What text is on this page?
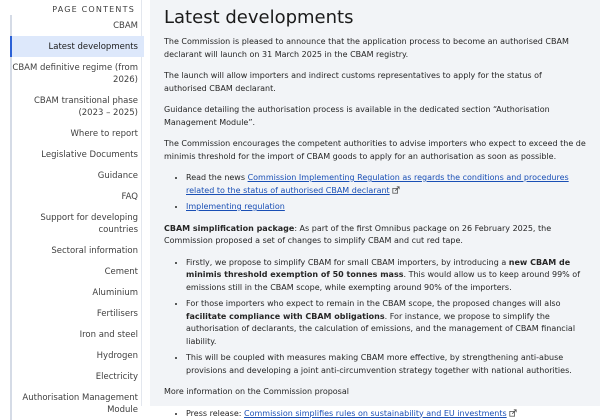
PAGE CONTENTS
CBAM
Latest developments
CBAM definitive regime (from 2026)
CBAM transitional phase (2023 – 2025)
Where to report
Legislative Documents
Guidance
FAQ
Support for developing countries
Sectoral information
Cement
Aluminium
Fertilisers
Iron and steel
Hydrogen
Electricity
Authorisation Management Module
Latest developments

The Commission is pleased to announce that the application process to become an authorised CBAM declarant will launch on 31 March 2025 in the CBAM registry.

The launch will allow importers and indirect customs representatives to apply for the status of authorised CBAM declarant.

Guidance detailing the authorisation process is available in the dedicated section “Authorisation Management Module”.

The Commission encourages the competent authorities to advise importers who expect to exceed the de minimis threshold for the import of CBAM goods to apply for an authorisation as soon as possible.

• Read the news Commission Implementing Regulation as regards the conditions and procedures related to the status of authorised CBAM declarant
• Implementing regulation

CBAM simplification package: As part of the first Omnibus package on 26 February 2025, the Commission proposed a set of changes to simplify CBAM and cut red tape.

• Firstly, we propose to simplify CBAM for small CBAM importers, by introducing a new CBAM de minimis threshold exemption of 50 tonnes mass. This would allow us to keep around 99% of emissions still in the CBAM scope, while exempting around 90% of the importers.
• For those importers who expect to remain in the CBAM scope, the proposed changes will also facilitate compliance with CBAM obligations. For instance, we propose to simplify the authorisation of declarants, the calculation of emissions, and the management of CBAM financial liability.
• This will be coupled with measures making CBAM more effective, by strengthening anti-abuse provisions and developing a joint anti-circumvention strategy together with national authorities.

More information on the Commission proposal

• Press release: Commission simplifies rules on sustainability and EU investments
